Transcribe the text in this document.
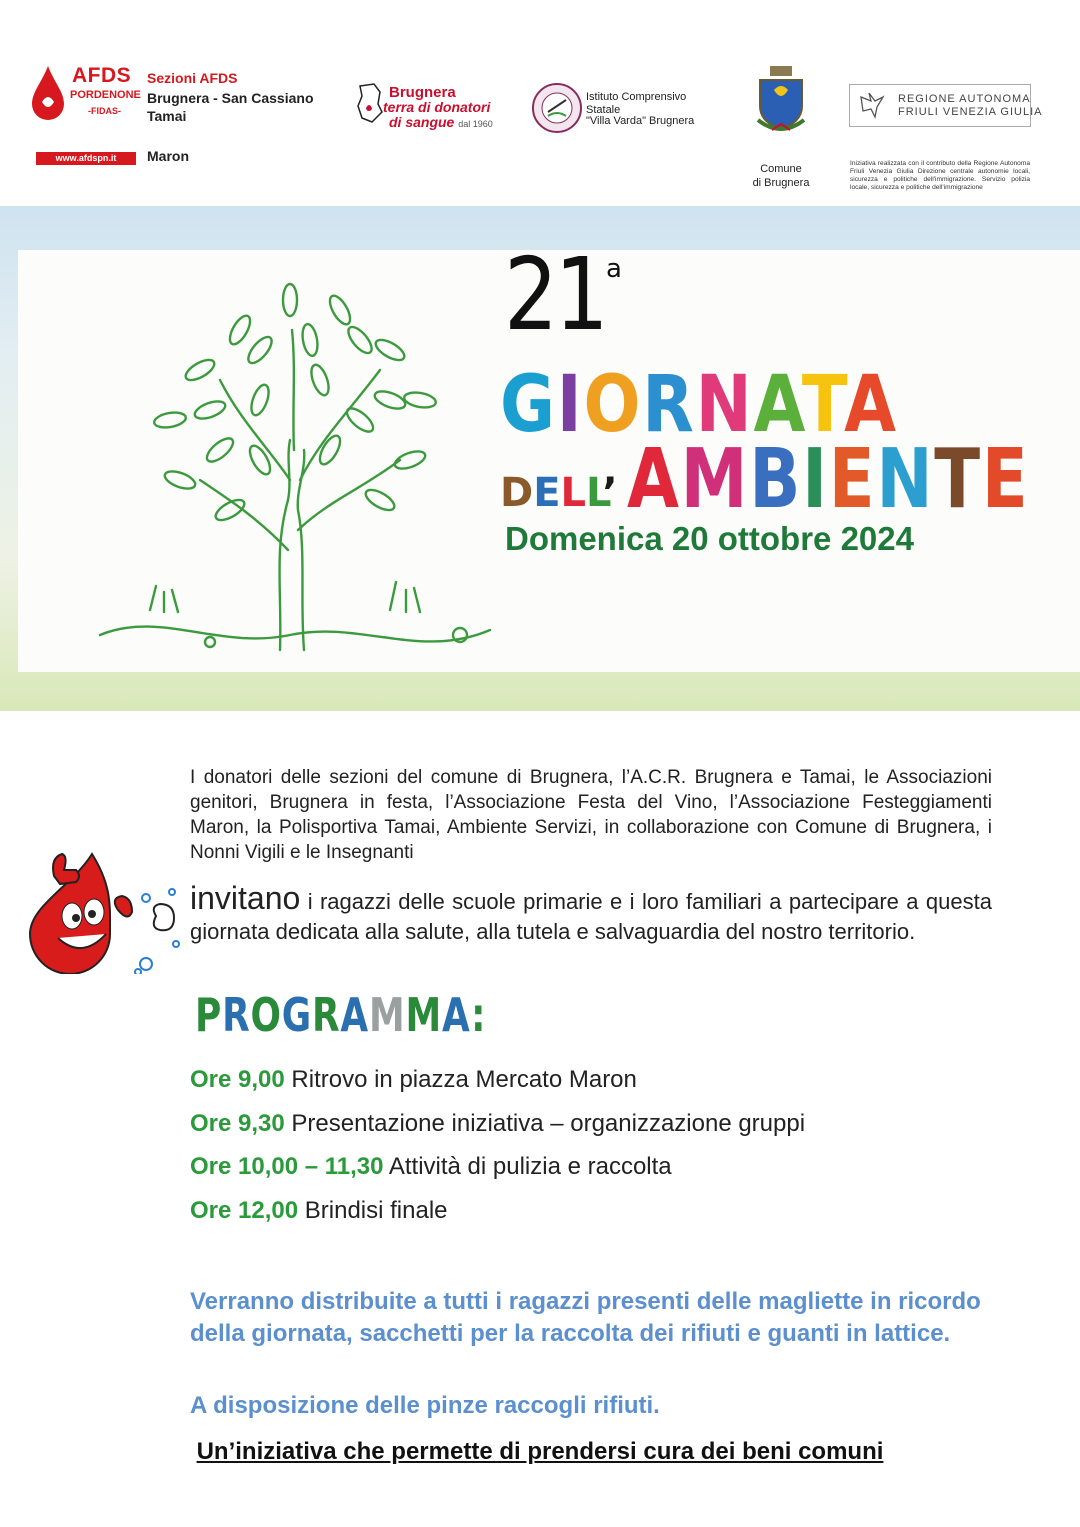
AFDS
PORDENONE
-FIDAS-
Sezioni AFDS
Brugnera - San Cassiano
Tamai
www.afdspn.it	Maron
Brugnera
terra di donatori
di sangue dal 1960
Istituto Comprensivo
Statale
"Villa Varda" Brugnera
Comune
di Brugnera
REGIONE AUTONOMA
FRIULI VENEZIA GIULIA
Iniziativa realizzata con il contributo della Regione Autonoma Friuli Venezia Giulia Direzione centrale autonomie locali, sicurezza e politiche dell'immigrazione. Servizio polizia locale, sicurezza e politiche dell'immigrazione
21 a
GIORNATA
DELL’ AMBIENTE
Domenica 20 ottobre 2024
I donatori delle sezioni del comune di Brugnera, l’A.C.R. Brugnera e Tamai, le Associazioni genitori, Brugnera in festa, l’Associazione Festa del Vino, l’Associazione Festeggiamenti Maron, la Polisportiva Tamai, Ambiente Servizi, in collaborazione con Comune di Brugnera, i Nonni Vigili e le Insegnanti
invitano i ragazzi delle scuole primarie e i loro familiari a partecipare a questa giornata dedicata alla salute, alla tutela e salvaguardia del nostro territorio.
PROGRAMMA:
Ore 9,00 Ritrovo in piazza Mercato Maron
Ore 9,30 Presentazione iniziativa – organizzazione gruppi
Ore 10,00 – 11,30 Attività di pulizia e raccolta
Ore 12,00 Brindisi finale
Verranno distribuite a tutti i ragazzi presenti delle magliette in ricordo della giornata, sacchetti per la raccolta dei rifiuti e guanti in lattice.
A disposizione delle pinze raccogli rifiuti.
Un’iniziativa che permette di prendersi cura dei beni comuni
